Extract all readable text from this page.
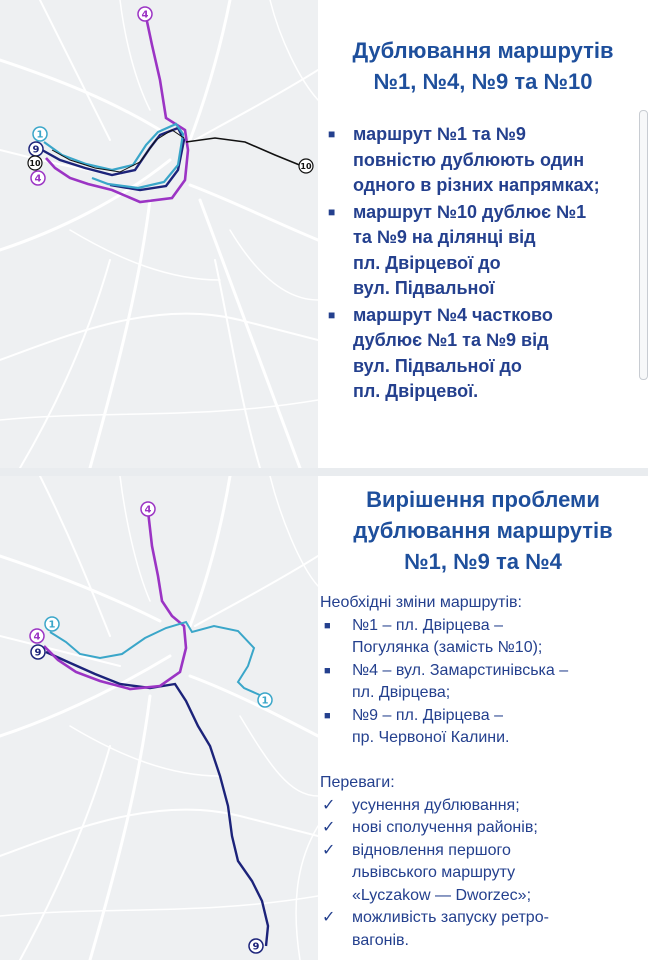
4
1
9
10
4
10
Дублювання маршрутів
№1, №4, №9 та №10
■ маршрут №1 та №9
повністю дублюють один
одного в різних напрямках;
■ маршрут №10 дублює №1
та №9 на ділянці від
пл. Двірцевої до
вул. Підвальної
■ маршрут №4 частково
дублює №1 та №9 від
вул. Підвальної до
пл. Двірцевої.
4
1
4
9
1
9
Вирішення проблеми
дублювання маршрутів
№1, №9 та №4
Необхідні зміни маршрутів:
■ №1 – пл. Двірцева –
Погулянка (замість №10);
■ №4 – вул. Замарстинівська –
пл. Двірцева;
■ №9 – пл. Двірцева –
пр. Червоної Калини.
Переваги:
✓ усунення дублювання;
✓ нові сполучення районів;
✓ відновлення першого
львівського маршруту
«Lyczakow — Dworzec»;
✓ можливість запуску ретро-
вагонів.
